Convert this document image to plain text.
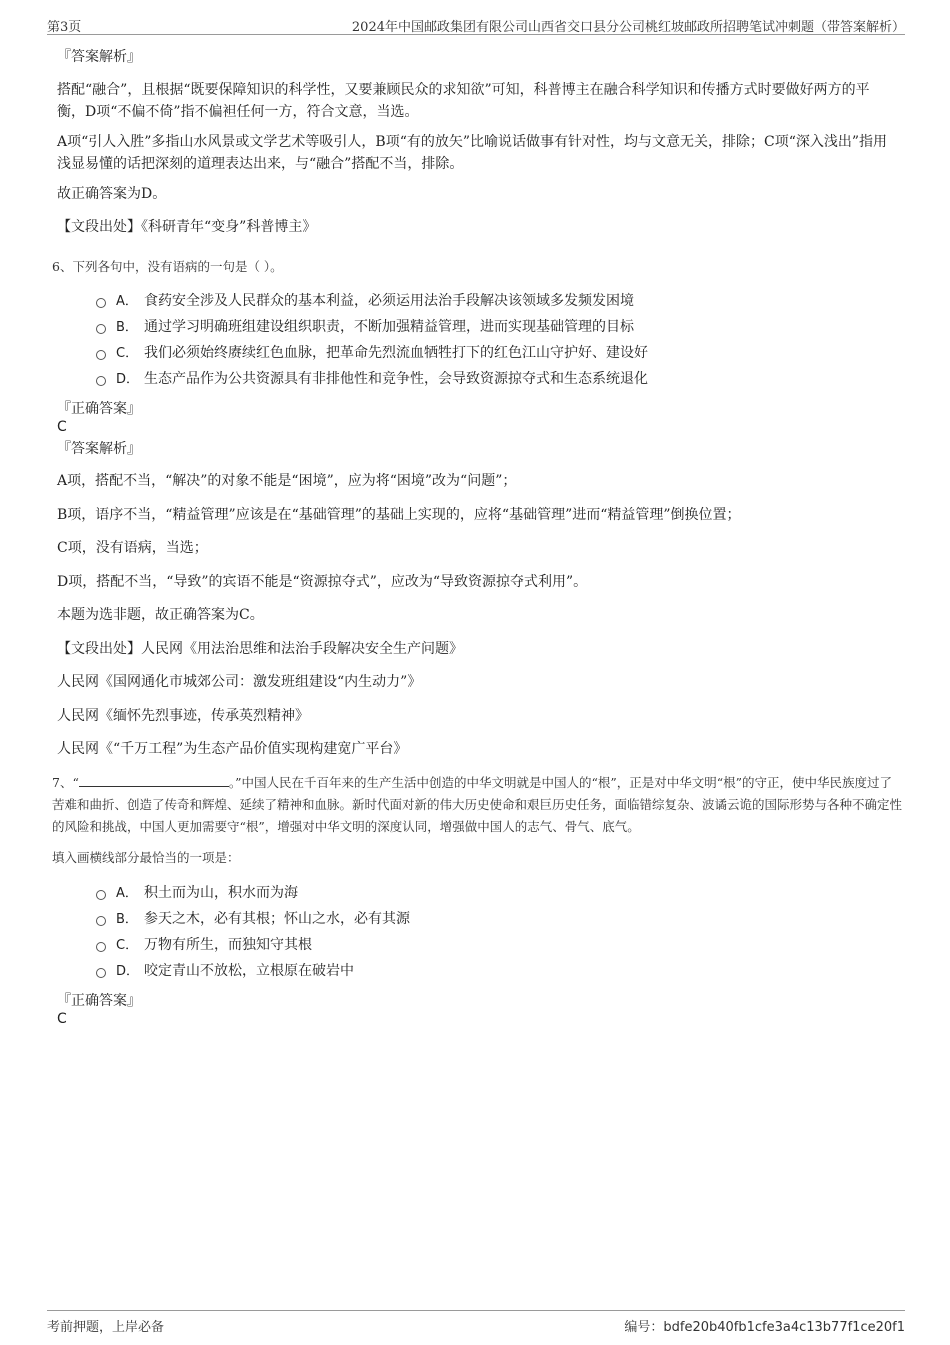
第3页	2024年中国邮政集团有限公司山西省交口县分公司桃红坡邮政所招聘笔试冲刺题（带答案解析）
『答案解析』
搭配“融合”，且根据“既要保障知识的科学性，又要兼顾民众的求知欲”可知，科普博主在融合科学知识和传播方式时要做好两方的平衡，D项“不偏不倚”指不偏袒任何一方，符合文意，当选。
A项“引人入胜”多指山水风景或文学艺术等吸引人，B项“有的放矢”比喻说话做事有针对性，均与文意无关，排除；C项“深入浅出”指用浅显易懂的话把深刻的道理表达出来，与“融合”搭配不当，排除。
故正确答案为D。
【文段出处】《科研青年“变身”科普博主》
6、下列各句中，没有语病的一句是（ ）。
A． 食药安全涉及人民群众的基本利益，必须运用法治手段解决该领域多发频发困境
B． 通过学习明确班组建设组织职责，不断加强精益管理，进而实现基础管理的目标
C． 我们必须始终赓续红色血脉，把革命先烈流血牺牲打下的红色江山守护好、建设好
D． 生态产品作为公共资源具有非排他性和竞争性，会导致资源掠夺式和生态系统退化
『正确答案』
C
『答案解析』
A项，搭配不当，“解决”的对象不能是“困境”，应为将“困境”改为“问题”；
B项，语序不当，“精益管理”应该是在“基础管理”的基础上实现的，应将“基础管理”进而“精益管理”倒换位置；
C项，没有语病，当选；
D项，搭配不当，“导致”的宾语不能是“资源掠夺式”，应改为“导致资源掠夺式利用”。
本题为选非题，故正确答案为C。
【文段出处】人民网《用法治思维和法治手段解决安全生产问题》
人民网《国网通化市城郊公司：激发班组建设“内生动力”》
人民网《缅怀先烈事迹，传承英烈精神》
人民网《“千万工程”为生态产品价值实现构建宽广平台》
7、“	。”中国人民在千百年来的生产生活中创造的中华文明就是中国人的“根”，正是对中华文明“根”的守正，使中华民族度过了苦难和曲折、创造了传奇和辉煌、延续了精神和血脉。新时代面对新的伟大历史使命和艰巨历史任务，面临错综复杂、波谲云诡的国际形势与各种不确定性的风险和挑战，中国人更加需要守“根”，增强对中华文明的深度认同，增强做中国人的志气、骨气、底气。
填入画横线部分最恰当的一项是：
A． 积土而为山，积水而为海
B． 参天之木，必有其根；怀山之水，必有其源
C． 万物有所生，而独知守其根
D． 咬定青山不放松，立根原在破岩中
『正确答案』
C
考前押题，上岸必备	编号：bdfe20b40fb1cfe3a4c13b77f1ce20f1
